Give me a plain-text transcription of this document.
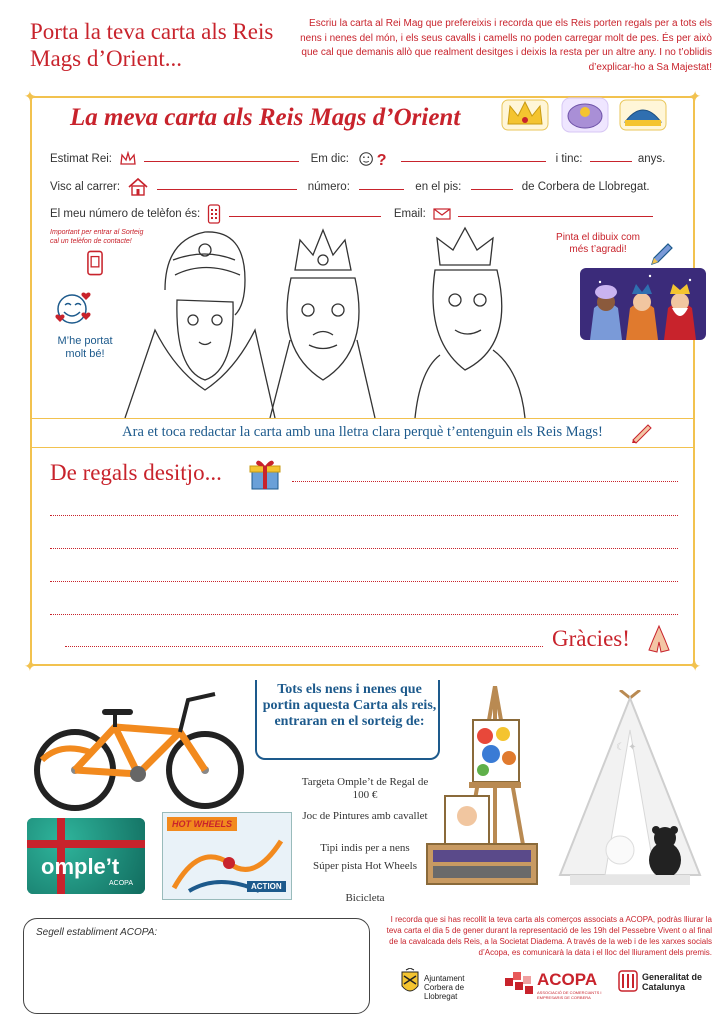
Porta la teva carta als Reis Mags d’Orient...
Escriu la carta al Rei Mag que prefereixis i recorda que els Reis porten regals per a tots els nens i nenes del món, i els seus cavalls i camells no poden carregar molt de pes. És per això que cal que demanis allò que realment desitges i deixis la resta per un altre any. I no t’oblidis d’explicar-ho a Sa Majestat!
✦	✦
✦	✦
La meva carta als Reis Mags d’Orient
Estimat Rei:	Em dic: ?	i tinc:	anys.
Visc al carrer:	número:	en el pis:	de Corbera de Llobregat.
El meu número de telèfon és:	Email:
Important per entrar al Sorteig cal un telèfon de contacte!
M’he portat molt bé!
Pinta el dibuix com més t’agradi!
Ara et toca redactar la carta amb una lletra clara perquè t’entenguin els Reis Mags!
De regals desitjo...
Gràcies!
omple’t
ACOPA
HOT WHEELS
ACTION
Tots els nens i nenes que portin aquesta Carta als reis, entraran en el sorteig de:
Targeta Omple’t de Regal de 100 €
Joc de Pintures amb cavallet
Tipi indis per a nens
Súper pista Hot Wheels
Bicicleta
☾ ✦
Segell establiment ACOPA:
I recorda que si has recollit la teva carta als comerços associats a ACOPA, podràs lliurar la teva carta el dia 5 de gener durant la representació de les 19h del Pessebre Vivent o al final de la cavalcada dels Reis, a la Societat Diadema. A través de la web i de les xarxes socials d’Acopa, es comunicarà la data i el lloc del lliurament dels premis.
Ajuntament Corbera de Llobregat
ACOPA
ASSOCIACIÓ DE COMERCIANTS I EMPRESARIS DE CORBERA
Generalitat de Catalunya
